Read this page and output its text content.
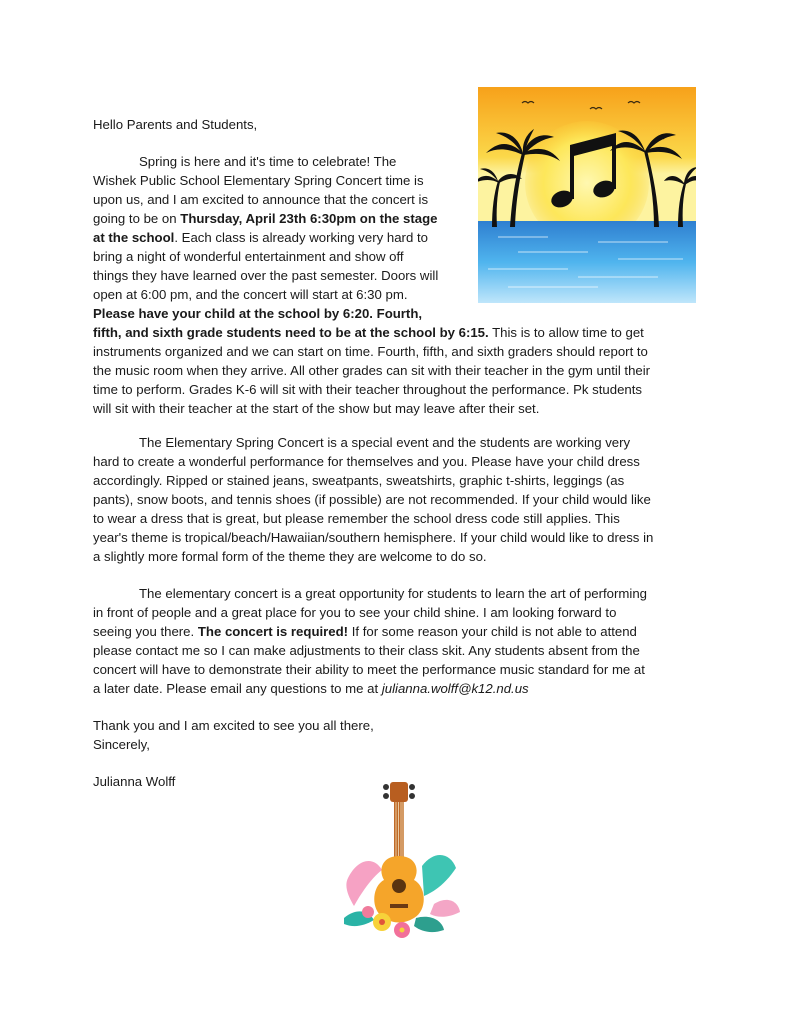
Hello Parents and Students,

Spring is here and it's time to celebrate! The

Wishek Public School Elementary Spring Concert time is

upon us, and I am excited to announce that the concert is

going to be on Thursday, April 23th 6:30pm on the stage

at the school. Each class is already working very hard to

bring a night of wonderful entertainment and show off

things they have learned over the past semester. Doors will

open at 6:00 pm, and the concert will start at 6:30 pm.

Please have your child at the school by 6:20. Fourth,

fifth, and sixth grade students need to be at the school by 6:15. This is to allow time to get

instruments organized and we can start on time. Fourth, fifth, and sixth graders should report to

the music room when they arrive. All other grades can sit with their teacher in the gym until their

time to perform. Grades K-6 will sit with their teacher throughout the performance. Pk students

will sit with their teacher at the start of the show but may leave after their set.

The Elementary Spring Concert is a special event and the students are working very

hard to create a wonderful performance for themselves and you. Please have your child dress

accordingly. Ripped or stained jeans, sweatpants, sweatshirts, graphic t-shirts, leggings (as

pants), snow boots, and tennis shoes (if possible) are not recommended. If your child would like

to wear a dress that is great, but please remember the school dress code still applies. This

year's theme is tropical/beach/Hawaiian/southern hemisphere. If your child would like to dress in

a slightly more formal form of the theme they are welcome to do so.

The elementary concert is a great opportunity for students to learn the art of performing

in front of people and a great place for you to see your child shine. I am looking forward to

seeing you there. The concert is required! If for some reason your child is not able to attend

please contact me so I can make adjustments to their class skit. Any students absent from the

concert will have to demonstrate their ability to meet the performance music standard for me at

a later date. Please email any questions to me at julianna.wolff@k12.nd.us

Thank you and I am excited to see you all there,

Sincerely,

Julianna Wolff
